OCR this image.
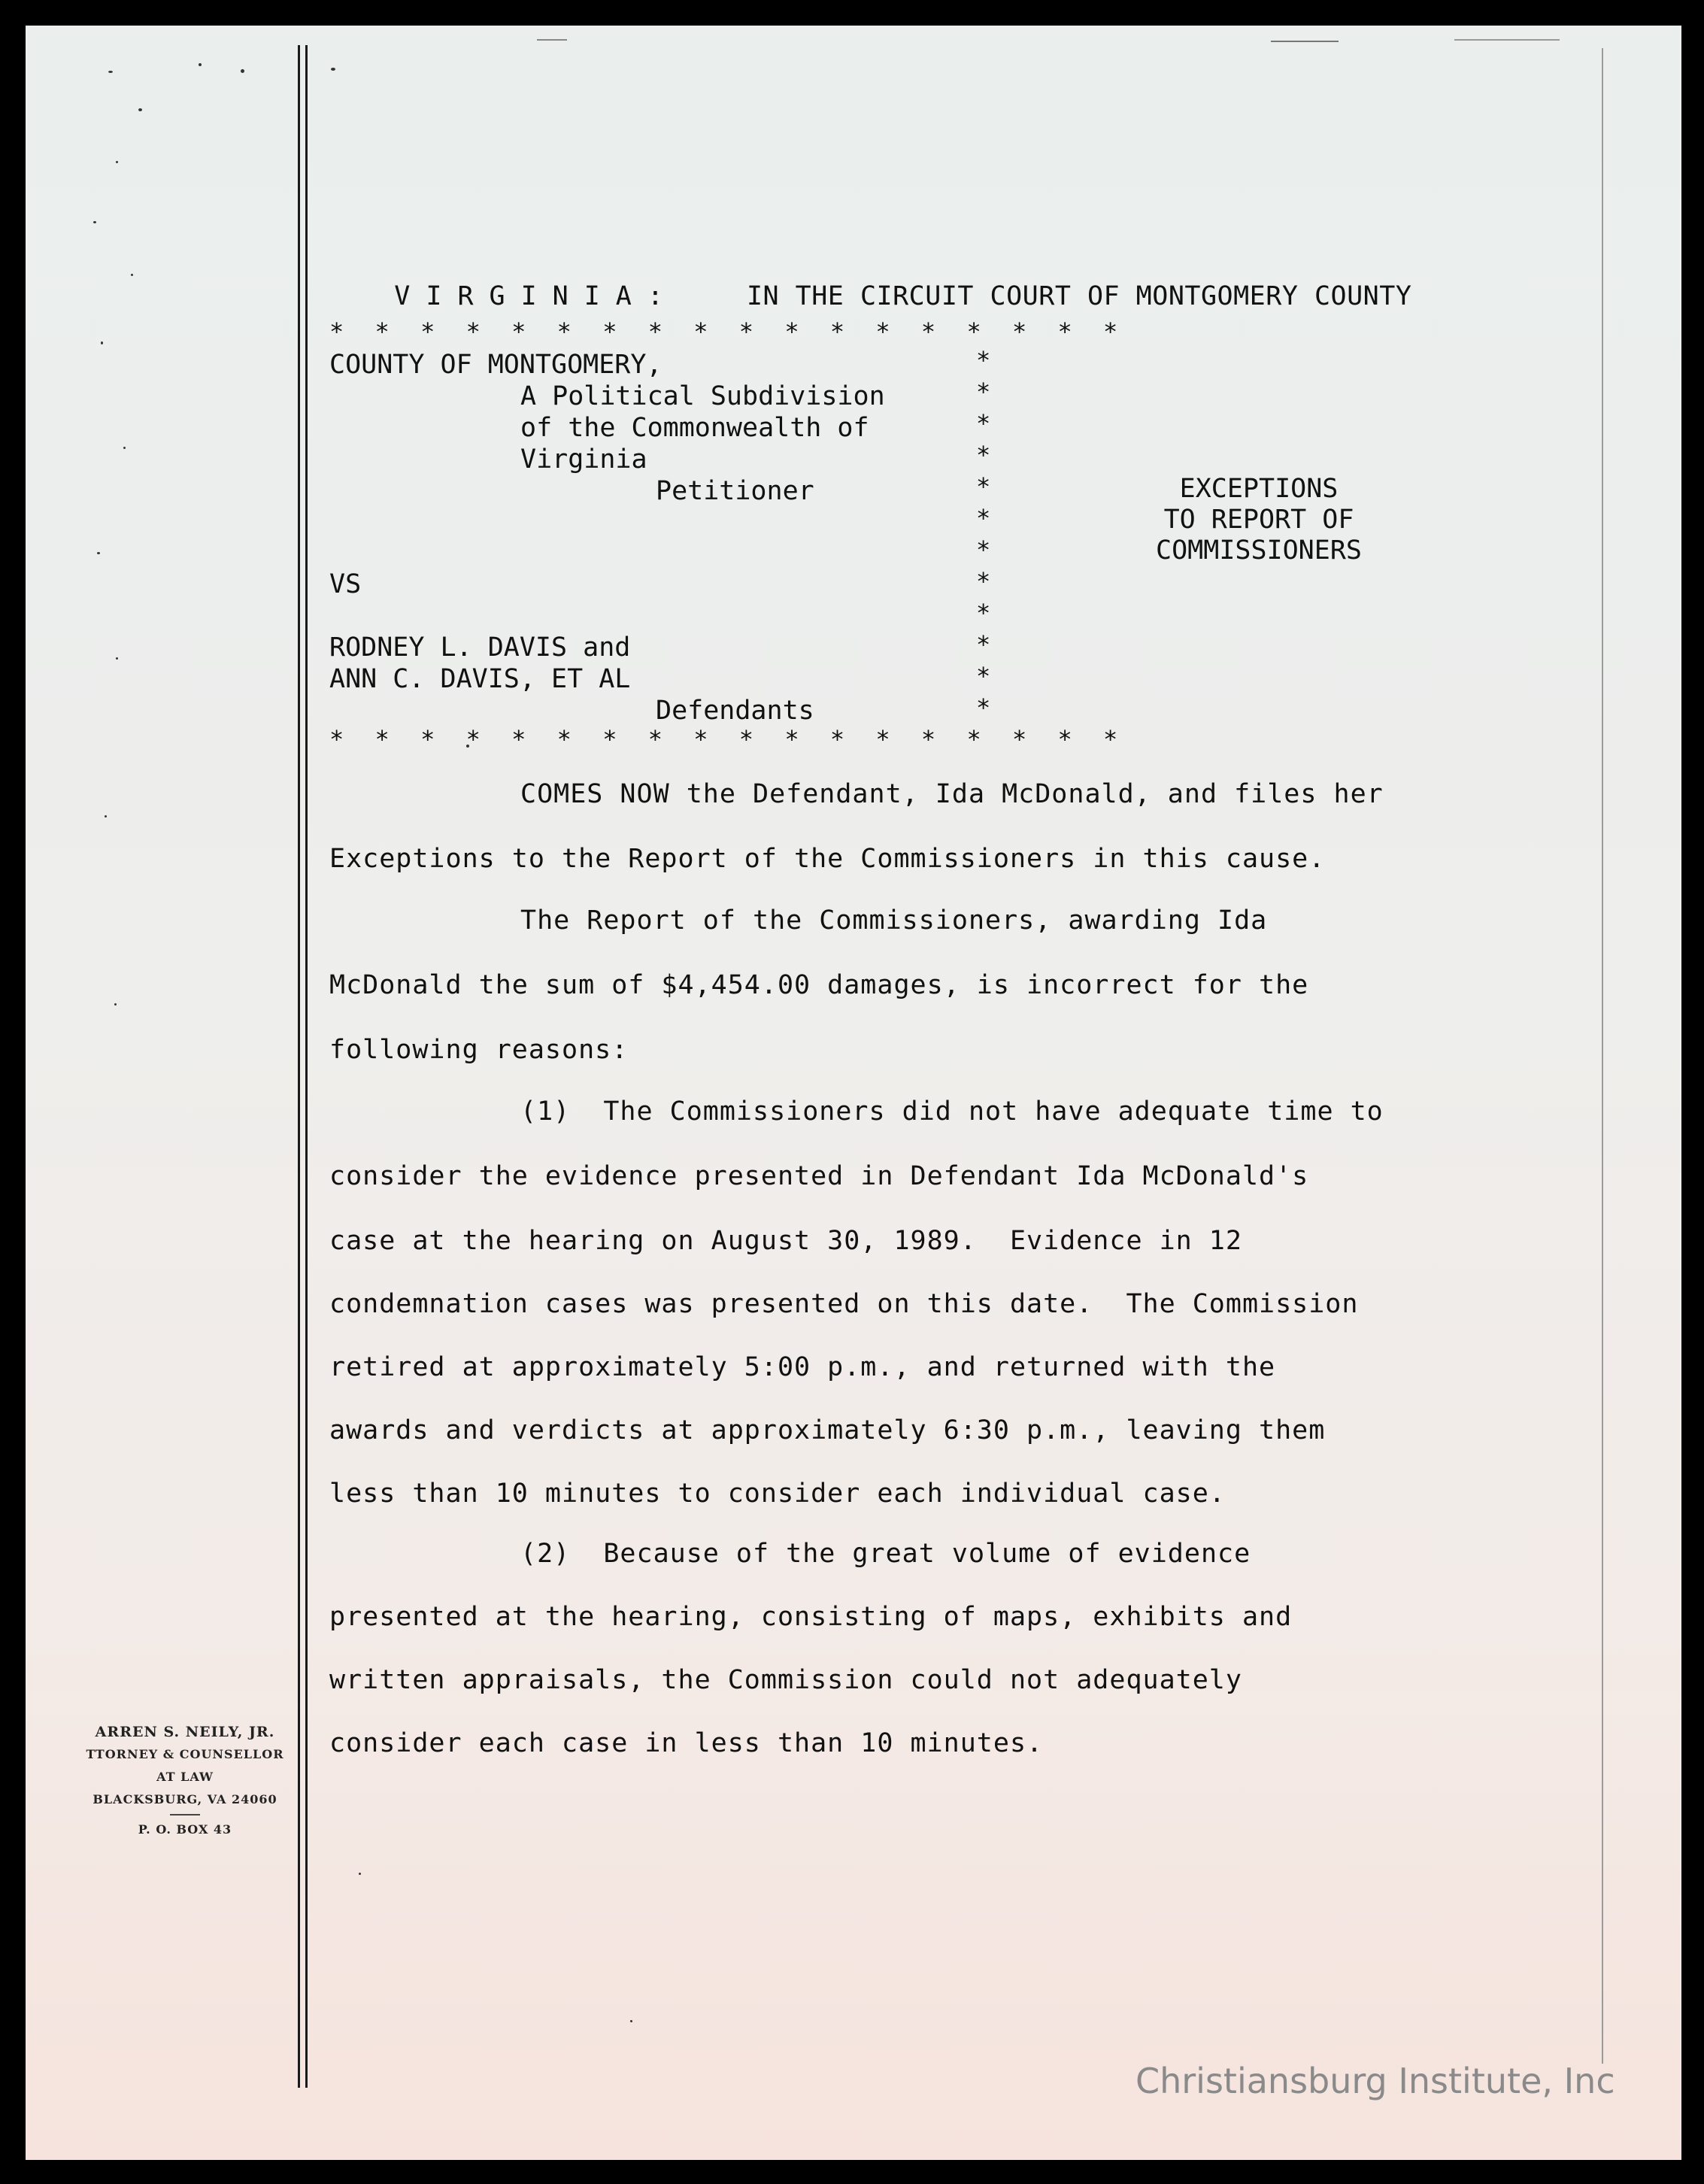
VIRGINIA:	IN THE CIRCUIT COURT OF MONTGOMERY COUNTY

* * * * * * * * * * * * * * * * * *
COUNTY OF MONTGOMERY,
A Political Subdivision
of the Commonwealth of
Virginia
Petitioner
VS
RODNEY L. DAVIS and
ANN C. DAVIS, ET AL
Defendants
*
*
*
*
*
*
*
*
*
*
*
*
* * * * * * * * * * * * * * * * * *
EXCEPTIONS
TO REPORT OF
COMMISSIONERS
COMES NOW the Defendant, Ida McDonald, and files her
Exceptions to the Report of the Commissioners in this cause.
The Report of the Commissioners, awarding Ida
McDonald the sum of $4,454.00 damages, is incorrect for the
following reasons:
(1)  The Commissioners did not have adequate time to
consider the evidence presented in Defendant Ida McDonald's
case at the hearing on August 30, 1989.  Evidence in 12
condemnation cases was presented on this date.  The Commission
retired at approximately 5:00 p.m., and returned with the
awards and verdicts at approximately 6:30 p.m., leaving them
less than 10 minutes to consider each individual case.
(2)  Because of the great volume of evidence
presented at the hearing, consisting of maps, exhibits and
written appraisals, the Commission could not adequately
consider each case in less than 10 minutes.
ARREN S. NEILY, JR.
TTORNEY & COUNSELLOR
AT LAW
BLACKSBURG, VA 24060
P. O. BOX 43
Christiansburg Institute, Inc
